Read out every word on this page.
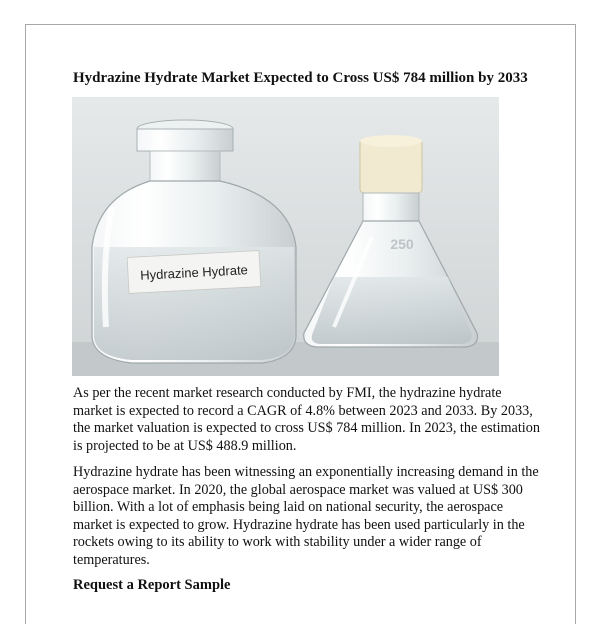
Hydrazine Hydrate Market Expected to Cross US$ 784 million by 2033
Hydrazine Hydrate
250

As per the recent market research conducted by FMI, the hydrazine hydrate market is expected to record a CAGR of 4.8% between 2023 and 2033. By 2033, the market valuation is expected to cross US$ 784 million. In 2023, the estimation is projected to be at US$ 488.9 million.

Hydrazine hydrate has been witnessing an exponentially increasing demand in the aerospace market. In 2020, the global aerospace market was valued at US$ 300 billion. With a lot of emphasis being laid on national security, the aerospace market is expected to grow. Hydrazine hydrate has been used particularly in the rockets owing to its ability to work with stability under a wider range of temperatures.

Request a Report Sample
